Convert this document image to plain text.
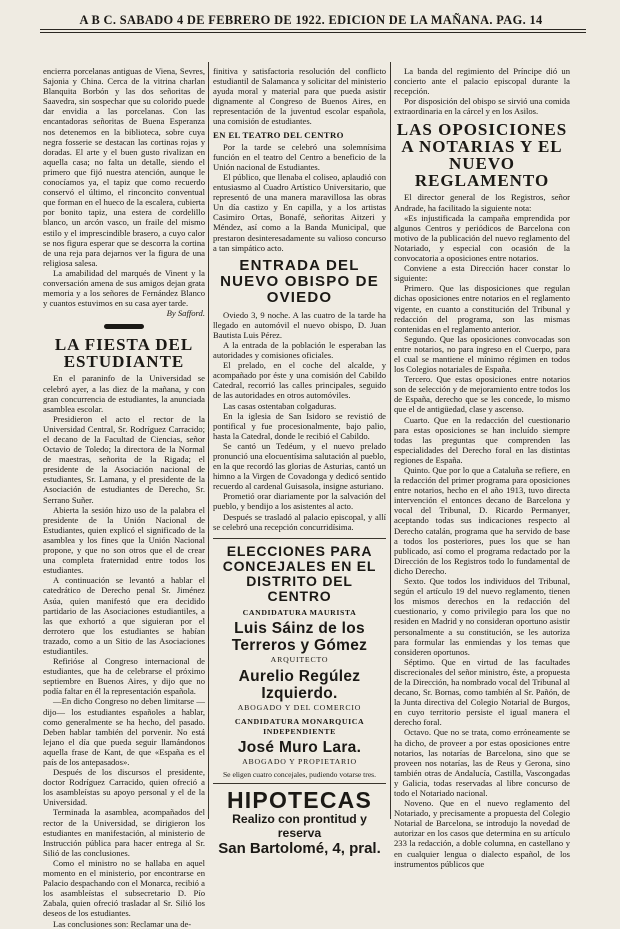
A B C. SABADO 4 DE FEBRERO DE 1922. EDICION DE LA MAÑANA. PAG. 14

encierra porcelanas antiguas de Viena, Sevres, Sajonia y China. Cerca de la vitrina charlan Blanquita Borbón y las dos señoritas de Saavedra, sin sospechar que su colorido puede dar envidia a las porcelanas. Con las encantadoras señoritas de Buena Esperanza nos detenemos en la biblioteca, sobre cuya negra fosserie se destacan las cortinas rojas y doradas. El arte y el buen gusto rivalizan en aquella casa; no falta un detalle, siendo el primero que fijó nuestra atención, aunque le conocíamos ya, el tapiz que como recuerdo conservó el último, el rinconcito conventual que forman en el hueco de la escalera, cubierta por bonito tapiz, una estera de cordelillo blanco, un arcón vasco, un fraile del mismo estilo y el imprescindible brasero, a cuyo calor se nos figura esperar que se descorra la cortina de una reja para dejarnos ver la figura de una religiosa salesa.

La amabilidad del marqués de Vinent y la conversación amena de sus amigos dejan grata memoria y a los señores de Fernández Blanco y cuantos estuvimos en su casa ayer tarde.

By Safford.

LA FIESTA DEL ESTUDIANTE

En el paraninfo de la Universidad se celebró ayer, a las diez de la mañana, y con gran concurrencia de estudiantes, la anunciada asamblea escolar.

Presidieron el acto el rector de la Universidad Central, Sr. Rodríguez Carracido; el decano de la Facultad de Ciencias, señor Octavio de Toledo; la directora de la Normal de maestras, señorita de la Rigada; el presidente de la Asociación nacional de estudiantes, Sr. Lamana, y el presidente de la Asociación de estudiantes de Derecho, Sr. Serrano Suñer.

Abierta la sesión hizo uso de la palabra el presidente de la Unión Nacional de Estudiantes, quien explicó el significado de la asamblea y los fines que la Unión Nacional propone, y que no son otros que el de crear una completa fraternidad entre todos los estudiantes.

A continuación se levantó a hablar el catedrático de Derecho penal Sr. Jiménez Asúa, quien manifestó que era decidido partidario de las Asociaciones estudiantiles, a las que exhortó a que siguieran por el derrotero que los estudiantes se habían trazado, como a un Sitio de las Asociaciones estudiantiles.

Refirióse al Congreso internacional de estudiantes, que ha de celebrarse el próximo septiembre en Buenos Aires, y dijo que no podía faltar en él la representación española.

—En dicho Congreso no deben limitarse —dijo— los estudiantes españoles a hablar, como generalmente se ha hecho, del pasado. Deben hablar también del porvenir. No está lejano el día que pueda seguir llamándonos aquella frase de Kant, de que «España es el país de los antepasados».

Después de los discursos el presidente, doctor Rodríguez Carracido, quien ofreció a los asambleístas su apoyo personal y el de la Universidad.

Terminada la asamblea, acompañados del rector de la Universidad, se dirigieron los estudiantes en manifestación, al ministerio de Instrucción pública para hacer entrega al Sr. Silió de las conclusiones.

Como el ministro no se hallaba en aquel momento en el ministerio, por encontrarse en Palacio despachando con el Monarca, recibió a los asambleístas el subsecretario D. Pío Zabala, quien ofreció trasladar al Sr. Silió los deseos de los estudiantes.

Las conclusiones son: Reclamar una de-

finitiva y satisfactoria resolución del conflicto estudiantil de Salamanca y solicitar del ministerio ayuda moral y material para que pueda asistir dignamente al Congreso de Buenos Aires, en representación de la juventud escolar española, una comisión de estudiantes.

EN EL TEATRO DEL CENTRO

Por la tarde se celebró una solemnísima función en el teatro del Centro a beneficio de la Unión nacional de Estudiantes.

El público, que llenaba el coliseo, aplaudió con entusiasmo al Cuadro Artístico Universitario, que representó de una manera maravillosa las obras Un día castizo y En capilla, y a los artistas Casimiro Ortas, Bonafé, señoritas Aitzeri y Méndez, así como a la Banda Municipal, que prestaron desinteresadamente su valioso concurso a tan simpático acto.

ENTRADA DEL NUEVO OBISPO DE OVIEDO

Oviedo 3, 9 noche. A las cuatro de la tarde ha llegado en automóvil el nuevo obispo, D. Juan Bautista Luis Pérez.

A la entrada de la población le esperaban las autoridades y comisiones oficiales.

El prelado, en el coche del alcalde, y acompañado por éste y una comisión del Cabildo Catedral, recorrió las calles principales, seguido de las autoridades en otros automóviles.

Las casas ostentaban colgaduras.

En la iglesia de San Isidoro se revistió de pontifical y fue procesionalmente, bajo palio, hasta la Catedral, donde le recibió el Cabildo.

Se cantó un Tedéum, y el nuevo prelado pronunció una elocuentísima salutación al pueblo, en la que recordó las glorias de Asturias, cantó un himno a la Virgen de Covadonga y dedicó sentido recuerdo al cardenal Guisasola, insigne asturiano.

Prometió orar diariamente por la salvación del pueblo, y bendijo a los asistentes al acto.

Después se trasladó al palacio episcopal, y allí se celebró una recepción concurridísima.

ELECCIONES PARA CONCEJALES EN EL DISTRITO DEL CENTRO
CANDIDATURA MAURISTA
Luis Sáinz de los Terreros y Gómez
ARQUITECTO
Aurelio Regúlez Izquierdo.
ABOGADO Y DEL COMERCIO
CANDIDATURA MONARQUICA INDEPENDIENTE
José Muro Lara.
ABOGADO Y PROPIETARIO
Se eligen cuatro concejales, pudiendo votarse tres.
HIPOTECAS
Realizo con prontitud y reserva
San Bartolomé, 4, pral.

La banda del regimiento del Príncipe dió un concierto ante el palacio episcopal durante la recepción.

Por disposición del obispo se sirvió una comida extraordinaria en la cárcel y en los Asilos.

LAS OPOSICIONES A NOTARIAS Y EL NUEVO REGLAMENTO

El director general de los Registros, señor Andrade, ha facilitado la siguiente nota:

«Es injustificada la campaña emprendida por algunos Centros y periódicos de Barcelona con motivo de la publicación del nuevo reglamento del Notariado, y especial con ocasión de la convocatoria a oposiciones entre notarios.

Conviene a esta Dirección hacer constar lo siguiente:

Primero. Que las disposiciones que regulan dichas oposiciones entre notarios en el reglamento vigente, en cuanto a constitución del Tribunal y redacción del programa, son las mismas contenidas en el reglamento anterior.

Segundo. Que las oposiciones convocadas son entre notarios, no para ingreso en el Cuerpo, para el cual se mantiene el mínimo régimen en todos los Colegios notariales de España.

Tercero. Que estas oposiciones entre notarios son de selección y de mejoramiento entre todos los de España, derecho que se les concede, lo mismo que el de antigüedad, clase y ascenso.

Cuarto. Que en la redacción del cuestionario para estas oposiciones se han incluído siempre todas las preguntas que comprenden las especialidades del Derecho foral en las distintas regiones de España.

Quinto. Que por lo que a Cataluña se refiere, en la redacción del primer programa para oposiciones entre notarios, hecho en el año 1913, tuvo directa intervención el entonces decano de Barcelona y vocal del Tribunal, D. Ricardo Permanyer, aceptando todas sus indicaciones respecto al Derecho catalán, programa que ha servido de base a todos los posteriores, pues los que se han publicado, así como el programa redactado por la Dirección de los Registros todo lo fundamental de dicho Derecho.

Sexto. Que todos los individuos del Tribunal, según el artículo 19 del nuevo reglamento, tienen los mismos derechos en la redacción del cuestionario, y como privilegio para los que no residen en Madrid y no consideran oportuno asistir personalmente a su constitución, se les autoriza para formular las enmiendas y los temas que consideren oportunos.

Séptimo. Que en virtud de las facultades discrecionales del señor ministro, éste, a propuesta de la Dirección, ha nombrado vocal del Tribunal al decano, Sr. Bornas, como también al Sr. Pañón, de la Junta directiva del Colegio Notarial de Burgos, en cuyo territorio persiste el igual manera el derecho foral.

Octavo. Que no se trata, como erróneamente se ha dicho, de proveer a por estas oposiciones entre notarios, las notarías de Barcelona, sino que se proveen nos notarías, las de Reus y Gerona, sino también otras de Andalucía, Castilla, Vascongadas y Galicia, todas reservadas al libre concurso de todo el Notariado nacional.

Noveno. Que en el nuevo reglamento del Notariado, y precisamente a propuesta del Colegio Notarial de Barcelona, se introdujo la novedad de autorizar en los casos que determina en su artículo 233 la redacción, a doble columna, en castellano y en cualquier lengua o dialecto español, de los instrumentos públicos que
